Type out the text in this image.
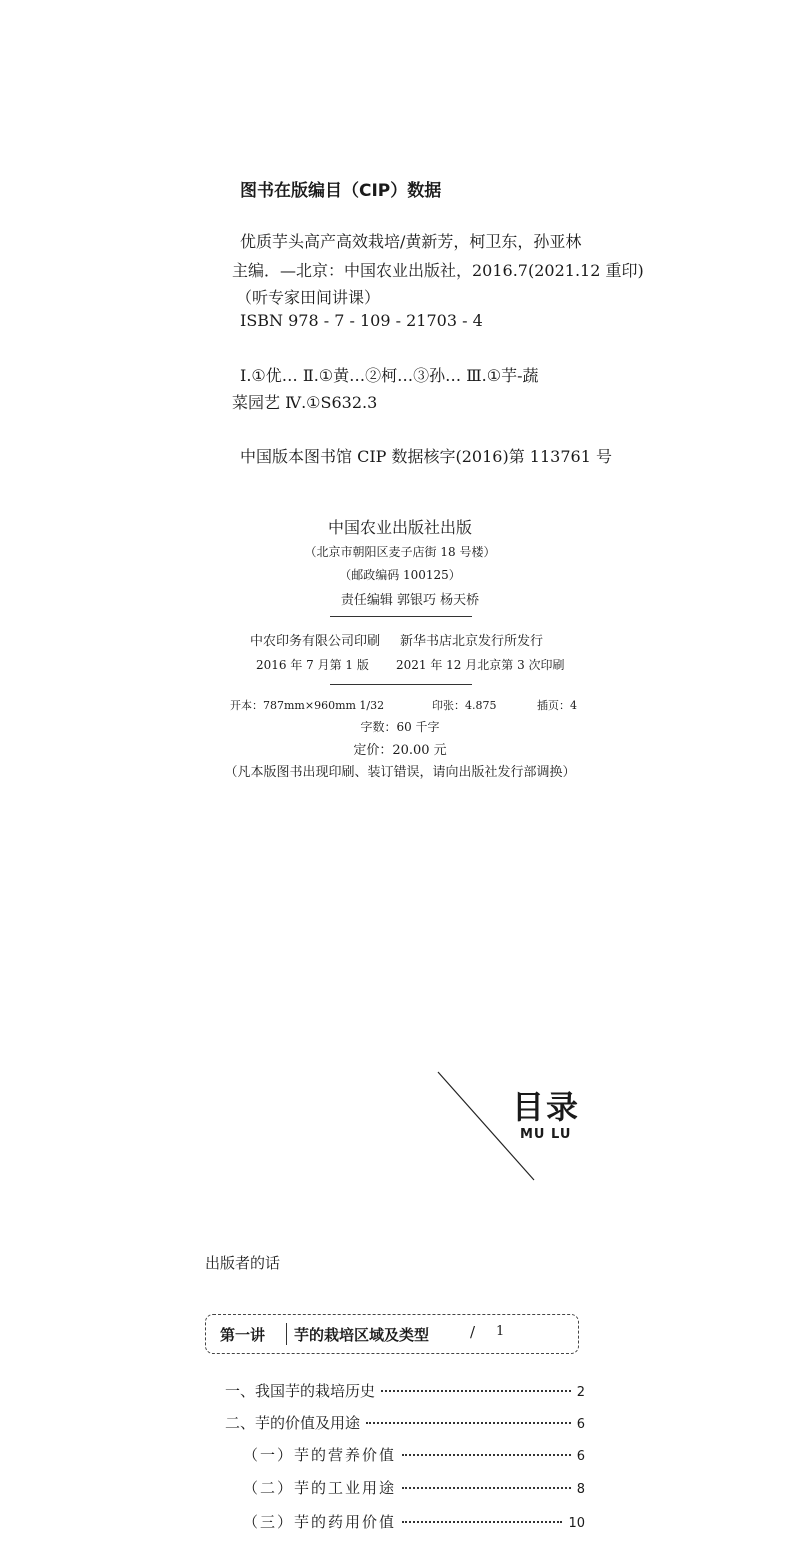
图书在版编目（CIP）数据
优质芋头高产高效栽培/黄新芳，柯卫东，孙亚林
主编．—北京：中国农业出版社，2016.7(2021.12 重印)
（听专家田间讲课）
ISBN 978 - 7 - 109 - 21703 - 4
Ⅰ.①优… Ⅱ.①黄…②柯…③孙… Ⅲ.①芋-蔬
菜园艺 Ⅳ.①S632.3
中国版本图书馆 CIP 数据核字(2016)第 113761 号
中国农业出版社出版
（北京市朝阳区麦子店街 18 号楼）
（邮政编码 100125）
责任编辑 郭银巧 杨天桥
中农印务有限公司印刷 新华书店北京发行所发行
2016 年 7 月第 1 版 2021 年 12 月北京第 3 次印刷
开本：787mm×960mm 1/32	印张：4.875	插页：4
字数：60 千字
定价：20.00 元
（凡本版图书出现印刷、装订错误，请向出版社发行部调换）
目录
MU LU
出版者的话
第一讲 芋的栽培区域及类型	/ 1
一、我国芋的栽培历史	2
二、芋的价值及用途	6
（一）芋的营养价值	6
（二）芋的工业用途	8
（三）芋的药用价值	10
